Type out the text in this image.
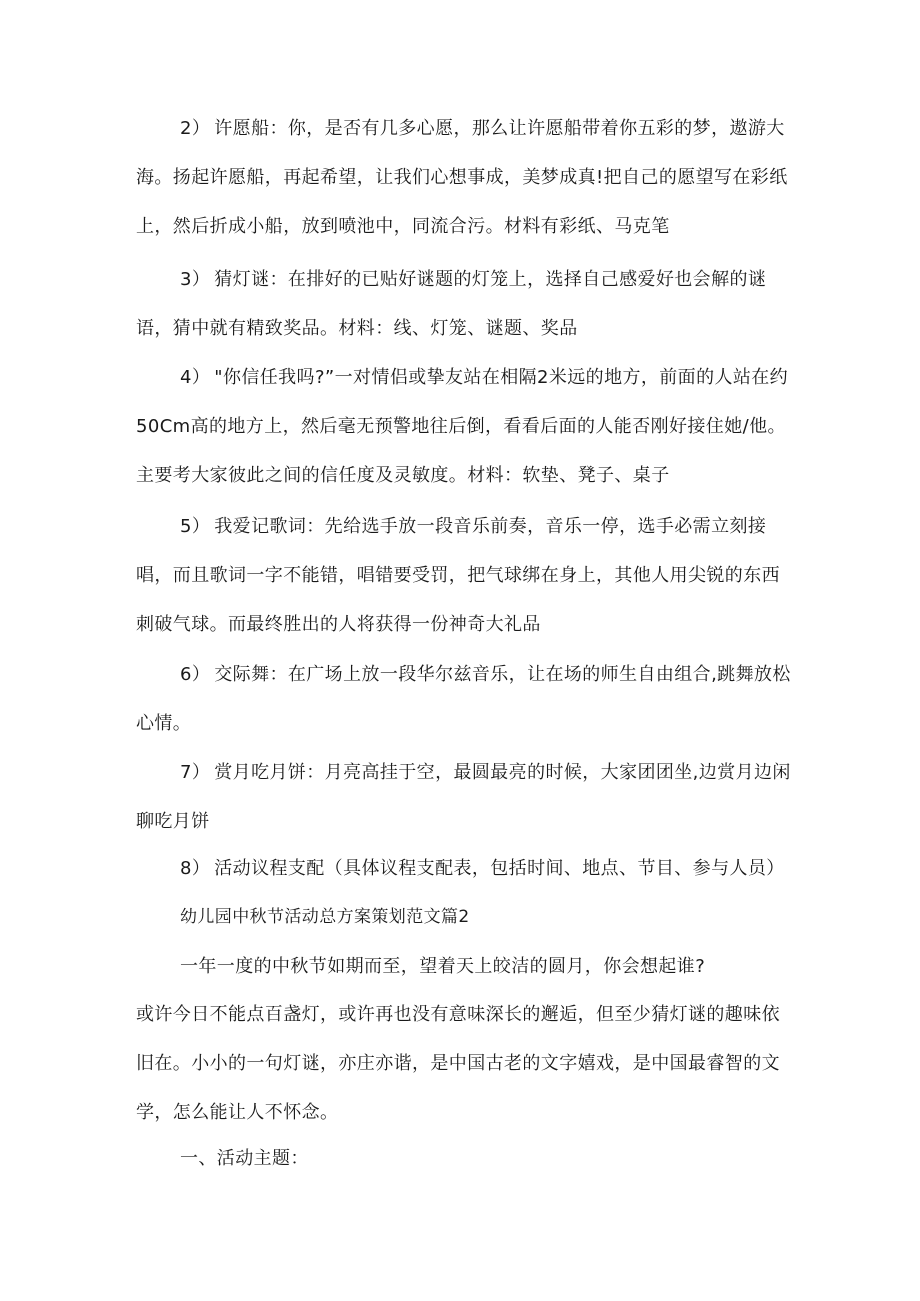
2） 许愿船：你，是否有几多心愿，那么让许愿船带着你五彩的梦，遨游大海。扬起许愿船，再起希望，让我们心想事成，美梦成真!把自己的愿望写在彩纸上，然后折成小船，放到喷池中，同流合污。材料有彩纸、马克笔

3） 猜灯谜：在排好的已贴好谜题的灯笼上，选择自己感爱好也会解的谜语，猜中就有精致奖品。材料：线、灯笼、谜题、奖品

4） "你信任我吗?”一对情侣或挚友站在相隔2米远的地方，前面的人站在约50Cm高的地方上，然后毫无预警地往后倒，看看后面的人能否刚好接住她/他。主要考大家彼此之间的信任度及灵敏度。材料：软垫、凳子、桌子

5） 我爱记歌词：先给选手放一段音乐前奏，音乐一停，选手必需立刻接唱，而且歌词一字不能错，唱错要受罚，把气球绑在身上，其他人用尖锐的东西刺破气球。而最终胜出的人将获得一份神奇大礼品

6） 交际舞：在广场上放一段华尔兹音乐，让在场的师生自由组合,跳舞放松心情。

7） 赏月吃月饼：月亮高挂于空，最圆最亮的时候，大家团团坐,边赏月边闲聊吃月饼

8） 活动议程支配（具体议程支配表，包括时间、地点、节目、参与人员）

幼儿园中秋节活动总方案策划范文篇2

一年一度的中秋节如期而至，望着天上皎洁的圆月，你会想起谁?

或许今日不能点百盏灯，或许再也没有意味深长的邂逅，但至少猜灯谜的趣味依旧在。小小的一句灯谜，亦庄亦谐，是中国古老的文字嬉戏，是中国最睿智的文学，怎么能让人不怀念。

一、活动主题：
